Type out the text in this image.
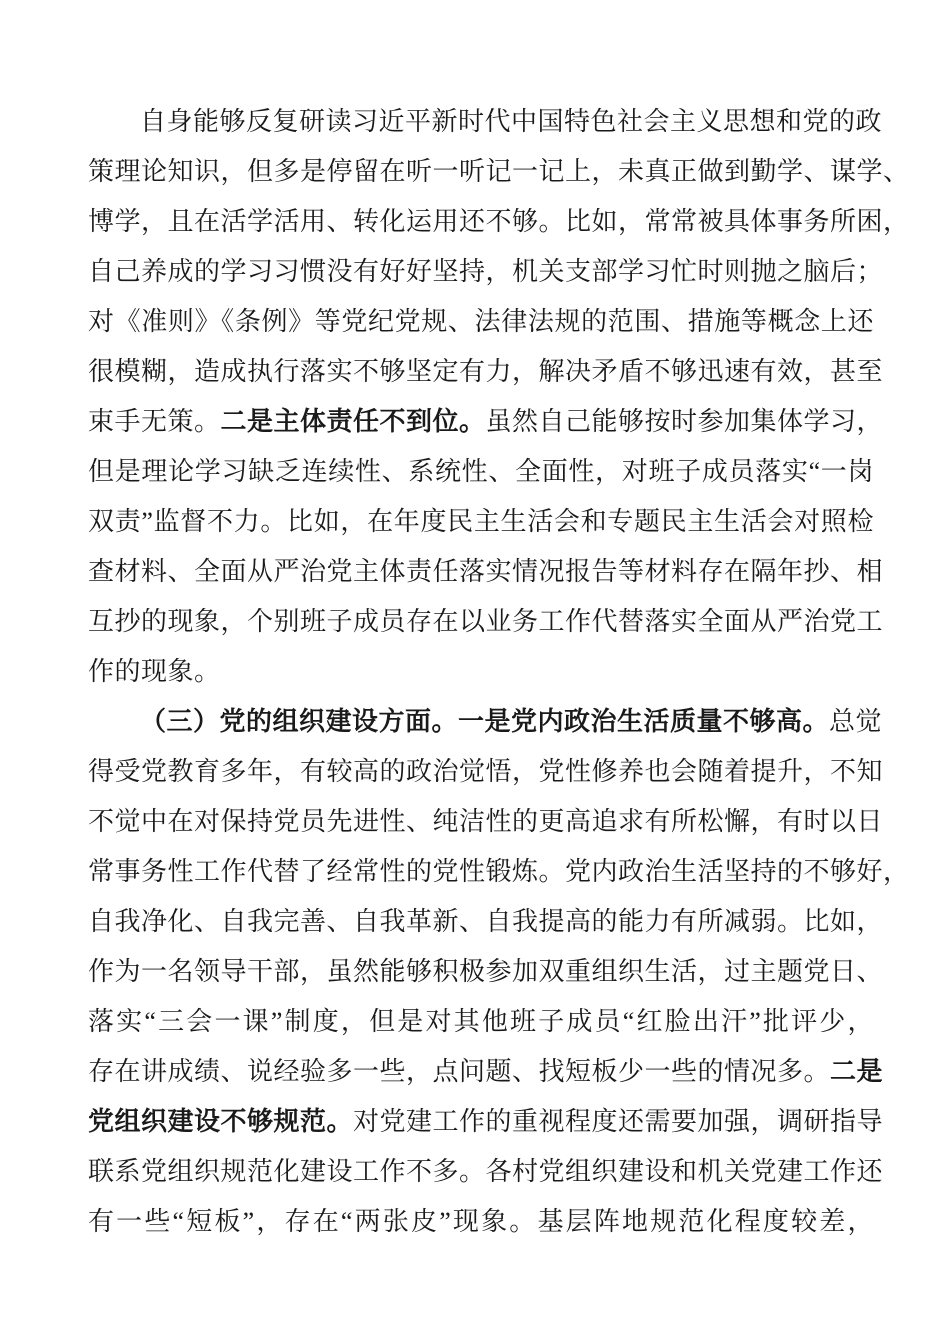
自身能够反复研读习近平新时代中国特色社会主义思想和党的政
策理论知识，但多是停留在听一听记一记上，未真正做到勤学、谋学、
博学，且在活学活用、转化运用还不够。比如，常常被具体事务所困，
自己养成的学习习惯没有好好坚持，机关支部学习忙时则抛之脑后；
对《准则》《条例》等党纪党规、法律法规的范围、措施等概念上还
很模糊，造成执行落实不够坚定有力，解决矛盾不够迅速有效，甚至
束手无策。二是主体责任不到位。虽然自己能够按时参加集体学习，
但是理论学习缺乏连续性、系统性、全面性，对班子成员落实“一岗
双责”监督不力。比如，在年度民主生活会和专题民主生活会对照检
查材料、全面从严治党主体责任落实情况报告等材料存在隔年抄、相
互抄的现象，个别班子成员存在以业务工作代替落实全面从严治党工
作的现象。
（三）党的组织建设方面。一是党内政治生活质量不够高。总觉
得受党教育多年，有较高的政治觉悟，党性修养也会随着提升，不知
不觉中在对保持党员先进性、纯洁性的更高追求有所松懈，有时以日
常事务性工作代替了经常性的党性锻炼。党内政治生活坚持的不够好，
自我净化、自我完善、自我革新、自我提高的能力有所减弱。比如，
作为一名领导干部，虽然能够积极参加双重组织生活，过主题党日、
落实“三会一课”制度，但是对其他班子成员“红脸出汗”批评少，
存在讲成绩、说经验多一些，点问题、找短板少一些的情况多。二是
党组织建设不够规范。对党建工作的重视程度还需要加强，调研指导
联系党组织规范化建设工作不多。各村党组织建设和机关党建工作还
有一些“短板”，存在“两张皮”现象。基层阵地规范化程度较差，
